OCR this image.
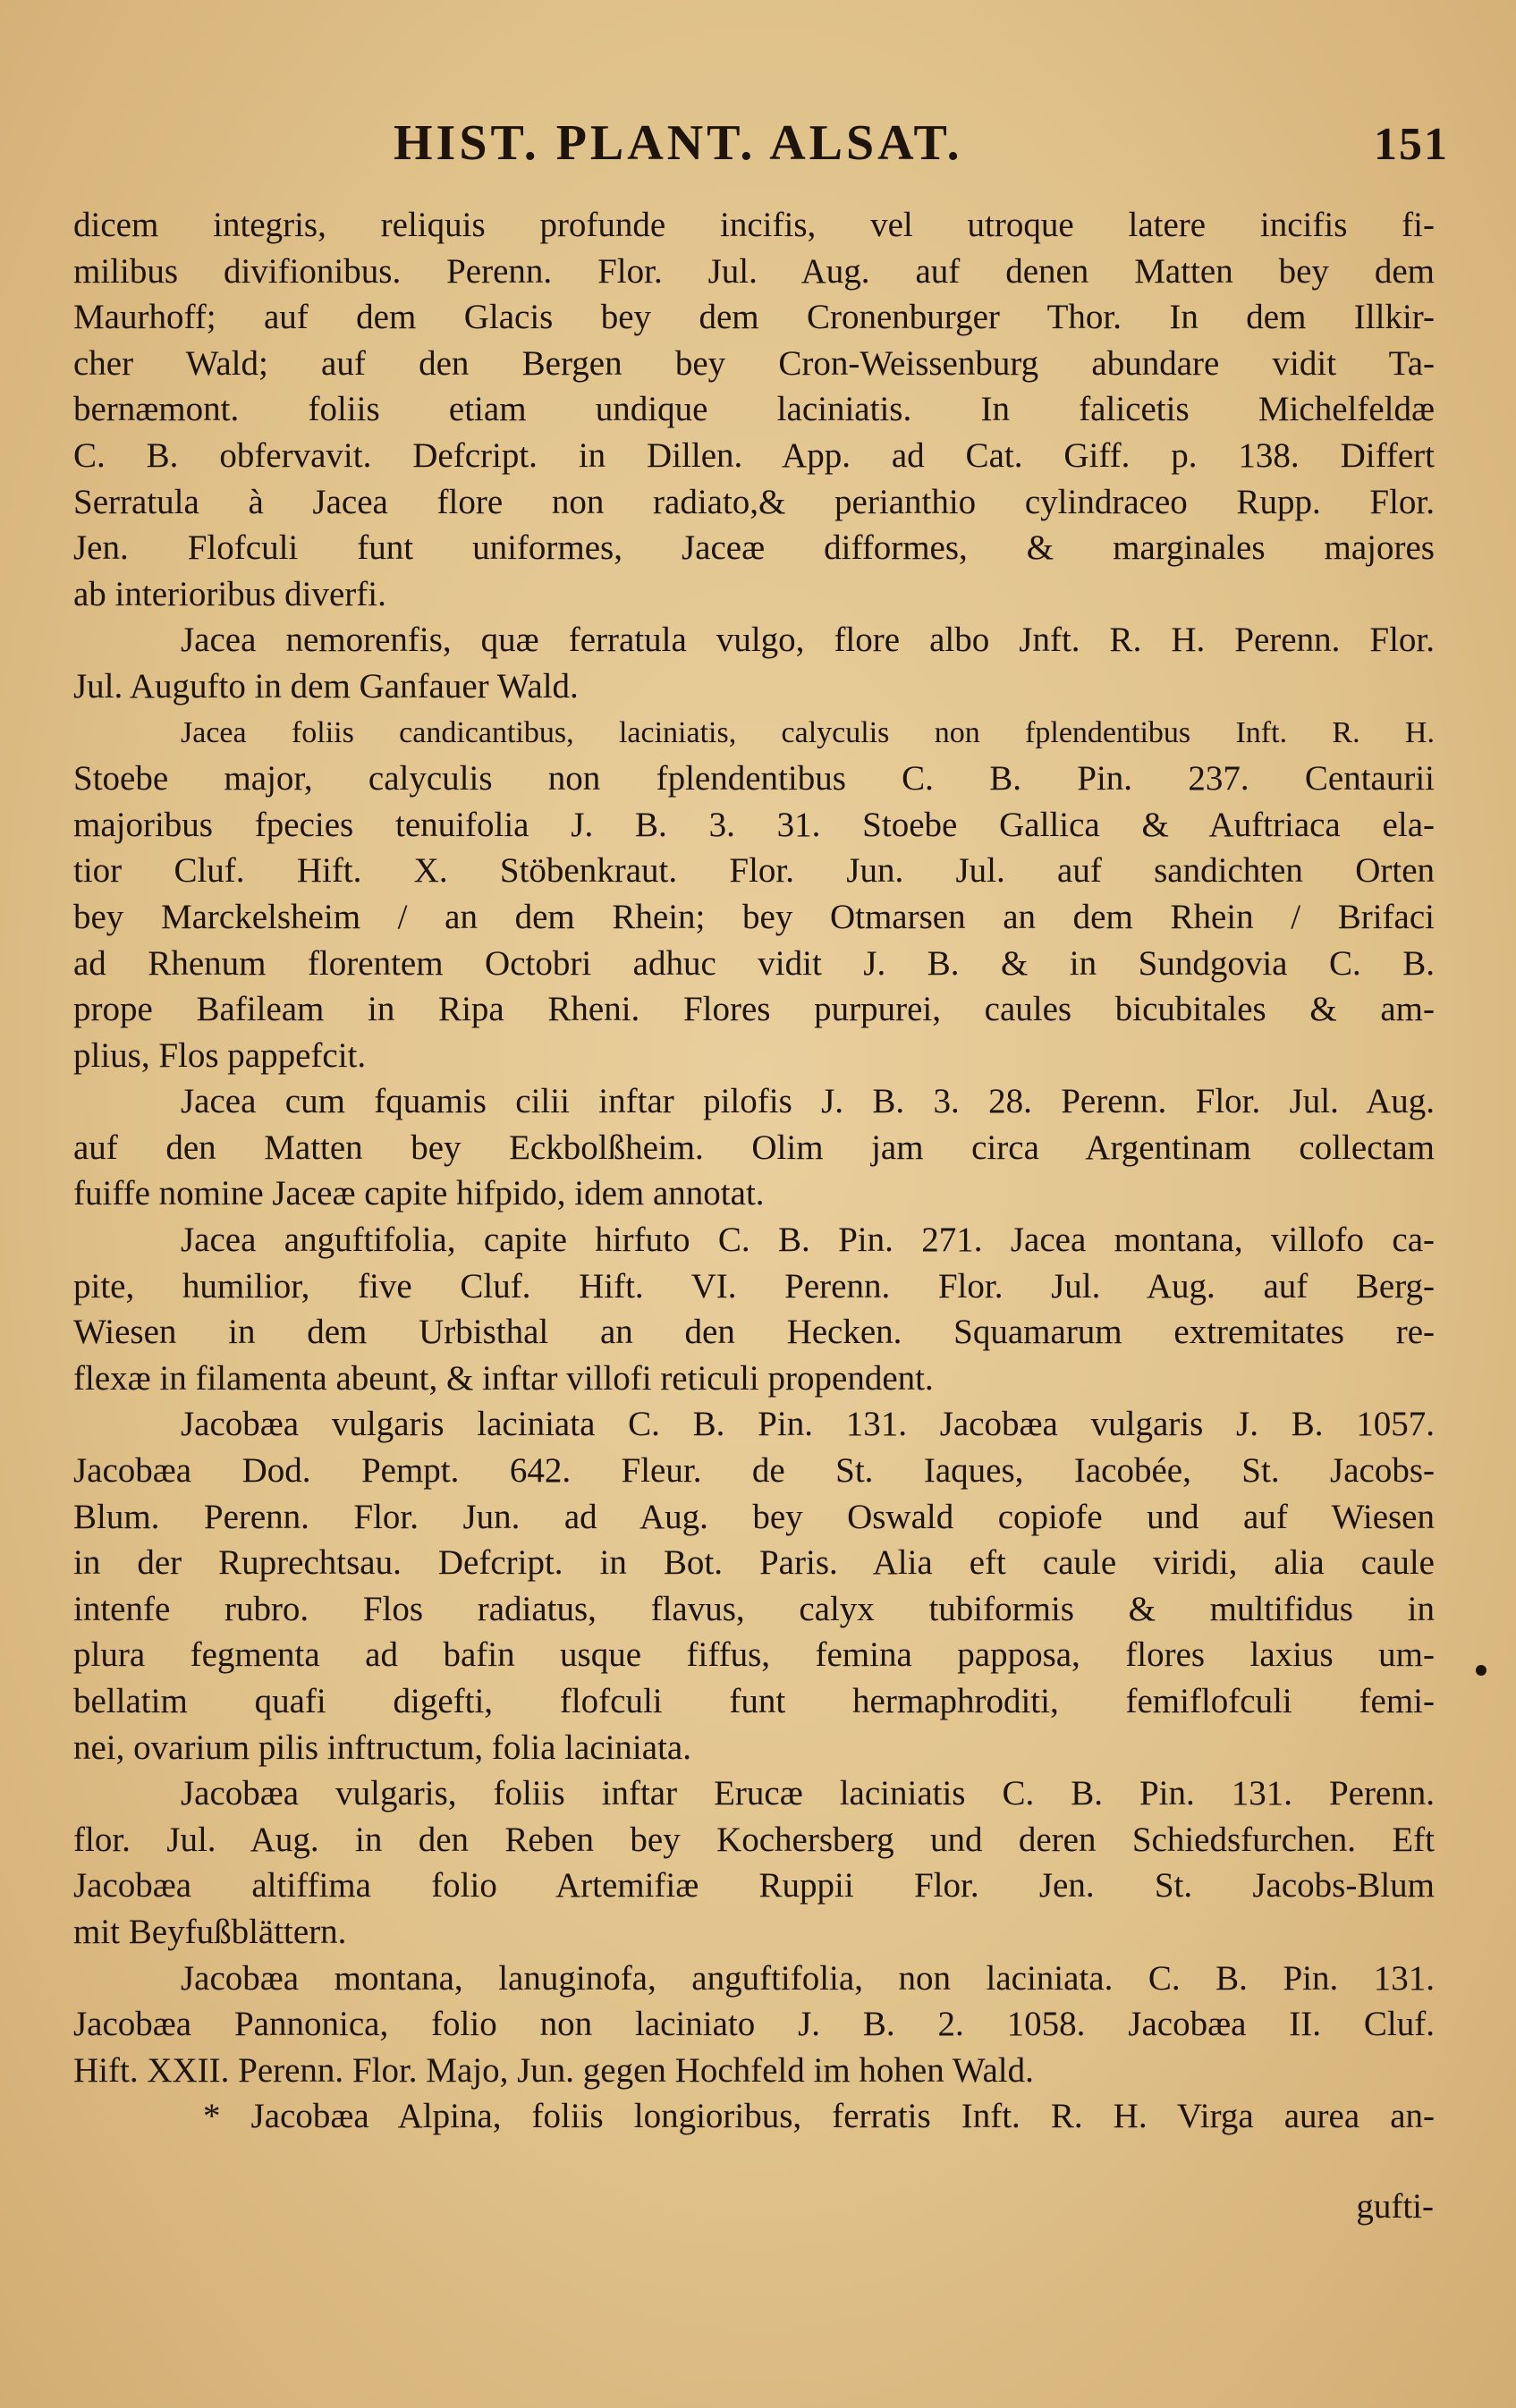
HIST. PLANT. ALSAT.	151
dicem integris, reliquis profunde incifis, vel utroque latere incifis fi-
milibus divifionibus. Perenn. Flor. Jul. Aug. auf denen Matten bey dem
Maurhoff; auf dem Glacis bey dem Cronenburger Thor. In dem Illkir-
cher Wald; auf den Bergen bey Cron-Weissenburg abundare vidit Ta-
bernæmont. foliis etiam undique laciniatis. In falicetis Michelfeldæ
C. B. obfervavit. Defcript. in Dillen. App. ad Cat. Giff. p. 138. Differt
Serratula à Jacea flore non radiato,& perianthio cylindraceo Rupp. Flor.
Jen. Flofculi funt uniformes, Jaceæ difformes, & marginales majores
ab interioribus diverfi.
Jacea nemorenfis, quæ ferratula vulgo, flore albo Jnft. R. H. Perenn. Flor.
Jul. Augufto in dem Ganfauer Wald.
Jacea foliis candicantibus, laciniatis, calyculis non fplendentibus Inft. R. H.
Stoebe major, calyculis non fplendentibus C. B. Pin. 237. Centaurii
majoribus fpecies tenuifolia J. B. 3. 31. Stoebe Gallica & Auftriaca ela-
tior Cluf. Hift. X. Stöbenkraut. Flor. Jun. Jul. auf sandichten Orten
bey Marckelsheim / an dem Rhein; bey Otmarsen an dem Rhein / Brifaci
ad Rhenum florentem Octobri adhuc vidit J. B. & in Sundgovia C. B.
prope Bafileam in Ripa Rheni. Flores purpurei, caules bicubitales & am-
plius, Flos pappefcit.
Jacea cum fquamis cilii inftar pilofis J. B. 3. 28. Perenn. Flor. Jul. Aug.
auf den Matten bey Eckbolßheim. Olim jam circa Argentinam collectam
fuiffe nomine Jaceæ capite hifpido, idem annotat.
Jacea anguftifolia, capite hirfuto C. B. Pin. 271. Jacea montana, villofo ca-
pite, humilior, five Cluf. Hift. VI. Perenn. Flor. Jul. Aug. auf Berg-
Wiesen in dem Urbisthal an den Hecken. Squamarum extremitates re-
flexæ in filamenta abeunt, & inftar villofi reticuli propendent.
Jacobæa vulgaris laciniata C. B. Pin. 131. Jacobæa vulgaris J. B. 1057.
Jacobæa Dod. Pempt. 642. Fleur. de St. Iaques, Iacobée, St. Jacobs-
Blum. Perenn. Flor. Jun. ad Aug. bey Oswald copiofe und auf Wiesen
in der Ruprechtsau. Defcript. in Bot. Paris. Alia eft caule viridi, alia caule
intenfe rubro. Flos radiatus, flavus, calyx tubiformis & multifidus in
plura fegmenta ad bafin usque fiffus, femina papposa, flores laxius um-
bellatim quafi digefti, flofculi funt hermaphroditi, femiflofculi femi-
nei, ovarium pilis inftructum, folia laciniata.
Jacobæa vulgaris, foliis inftar Erucæ laciniatis C. B. Pin. 131. Perenn.
flor. Jul. Aug. in den Reben bey Kochersberg und deren Schiedsfurchen. Eft
Jacobæa altiffima folio Artemifiæ Ruppii Flor. Jen. St. Jacobs-Blum
mit Beyfußblättern.
Jacobæa montana, lanuginofa, anguftifolia, non laciniata. C. B. Pin. 131.
Jacobæa Pannonica, folio non laciniato J. B. 2. 1058. Jacobæa II. Cluf.
Hift. XXII. Perenn. Flor. Majo, Jun. gegen Hochfeld im hohen Wald.
* Jacobæa Alpina, foliis longioribus, ferratis Inft. R. H. Virga aurea an-
gufti-
